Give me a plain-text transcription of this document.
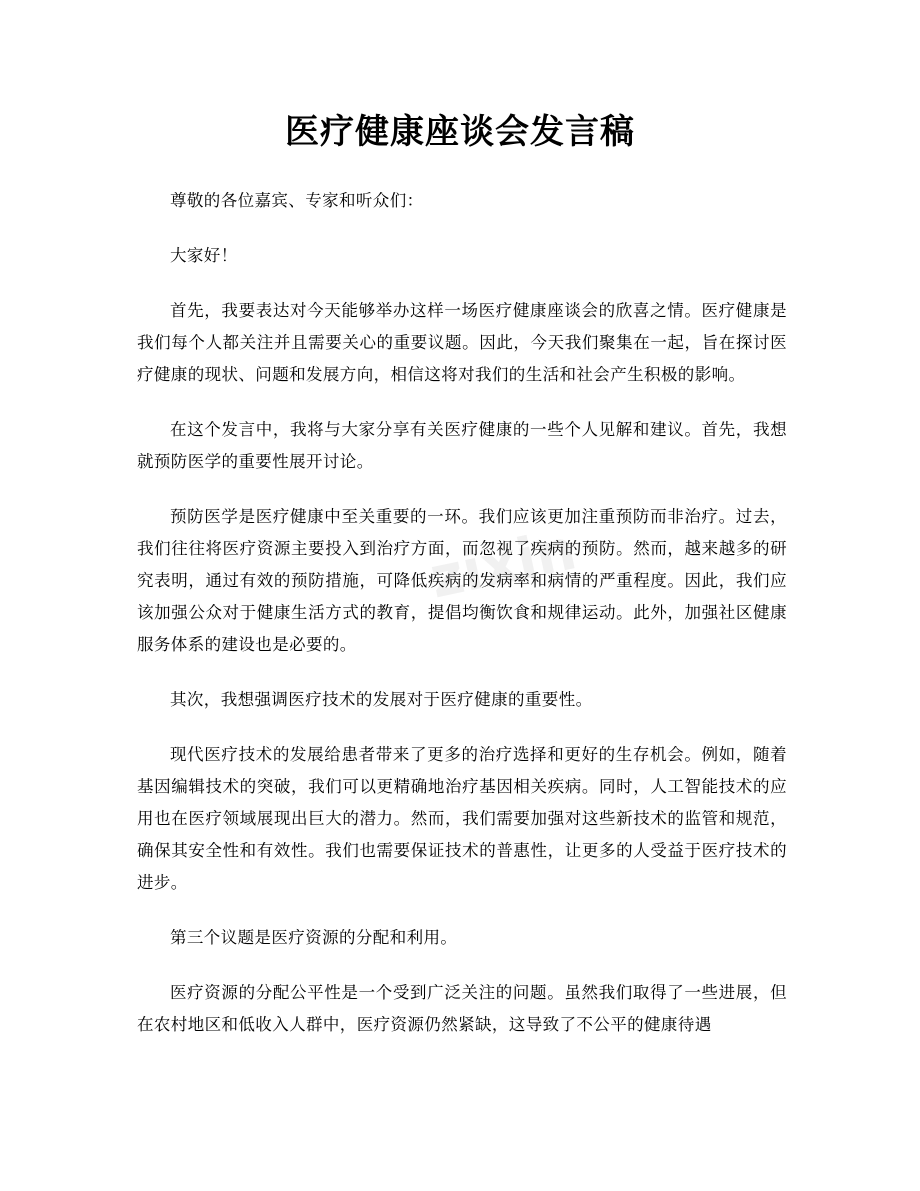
zixin
医疗健康座谈会发言稿

尊敬的各位嘉宾、专家和听众们：

大家好！

首先，我要表达对今天能够举办这样一场医疗健康座谈会的欣喜之情。医疗健康是我们每个人都关注并且需要关心的重要议题。因此，今天我们聚集在一起，旨在探讨医疗健康的现状、问题和发展方向，相信这将对我们的生活和社会产生积极的影响。

在这个发言中，我将与大家分享有关医疗健康的一些个人见解和建议。首先，我想就预防医学的重要性展开讨论。

预防医学是医疗健康中至关重要的一环。我们应该更加注重预防而非治疗。过去，我们往往将医疗资源主要投入到治疗方面，而忽视了疾病的预防。然而，越来越多的研究表明，通过有效的预防措施，可降低疾病的发病率和病情的严重程度。因此，我们应该加强公众对于健康生活方式的教育，提倡均衡饮食和规律运动。此外，加强社区健康服务体系的建设也是必要的。

其次，我想强调医疗技术的发展对于医疗健康的重要性。

现代医疗技术的发展给患者带来了更多的治疗选择和更好的生存机会。例如，随着基因编辑技术的突破，我们可以更精确地治疗基因相关疾病。同时，人工智能技术的应用也在医疗领域展现出巨大的潜力。然而，我们需要加强对这些新技术的监管和规范，确保其安全性和有效性。我们也需要保证技术的普惠性，让更多的人受益于医疗技术的进步。

第三个议题是医疗资源的分配和利用。

医疗资源的分配公平性是一个受到广泛关注的问题。虽然我们取得了一些进展，但在农村地区和低收入人群中，医疗资源仍然紧缺，这导致了不公平的健康待遇
